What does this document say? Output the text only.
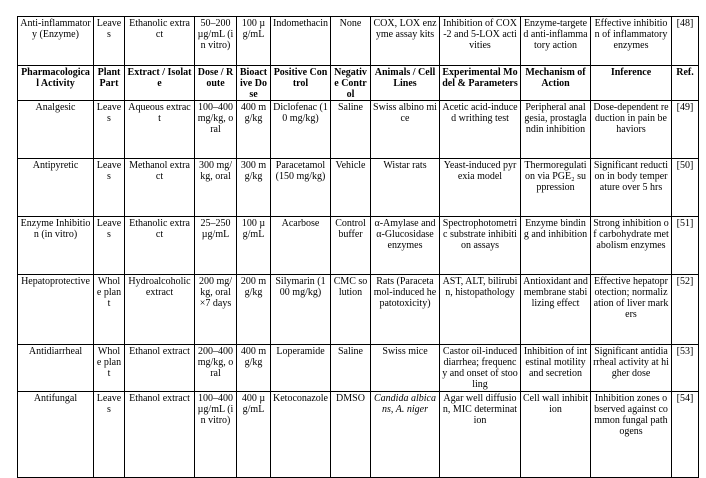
Anti-inflammatory (Enzyme)	Leaves	Ethanolic extract	50–200 µg/mL (in vitro)	100 µg/mL	Indomethacin	None	COX, LOX enzyme assay kits	Inhibition of COX-2 and 5-LOX activities	Enzyme-targeted anti-inflammatory action	Effective inhibition of inflammatory enzymes	[48]
Pharmacological Activity	Plant Part	Extract / Isolate	Dose / Route	Bioactive Dose	Positive Control	Negative Control	Animals / Cell Lines	Experimental Model & Parameters	Mechanism of Action	Inference	Ref.
Analgesic	Leaves	Aqueous extract	100–400 mg/kg, oral	400 mg/kg	Diclofenac (10 mg/kg)	Saline	Swiss albino mice	Acetic acid-induced writhing test	Peripheral analgesia, prostaglandin inhibition	Dose-dependent reduction in pain behaviors	[49]
Antipyretic	Leaves	Methanol extract	300 mg/kg, oral	300 mg/kg	Paracetamol (150 mg/kg)	Vehicle	Wistar rats	Yeast-induced pyrexia model	Thermoregulation via PGE₂ suppression	Significant reduction in body temperature over 5 hrs	[50]
Enzyme Inhibition (in vitro)	Leaves	Ethanolic extract	25–250 µg/mL	100 µg/mL	Acarbose	Control buffer	α-Amylase and α-Glucosidase enzymes	Spectrophotometric substrate inhibition assays	Enzyme binding and inhibition	Strong inhibition of carbohydrate metabolism enzymes	[51]
Hepatoprotective	Whole plant	Hydroalcoholic extract	200 mg/kg, oral ×7 days	200 mg/kg	Silymarin (100 mg/kg)	CMC solution	Rats (Paracetamol-induced hepatotoxicity)	AST, ALT, bilirubin, histopathology	Antioxidant and membrane stabilizing effect	Effective hepatoprotection; normalization of liver markers	[52]
Antidiarrheal	Whole plant	Ethanol extract	200–400 mg/kg, oral	400 mg/kg	Loperamide	Saline	Swiss mice	Castor oil-induced diarrhea; frequency and onset of stooling	Inhibition of intestinal motility and secretion	Significant antidiarrheal activity at higher dose	[53]
Antifungal	Leaves	Ethanol extract	100–400 µg/mL (in vitro)	400 µg/mL	Ketoconazole	DMSO	Candida albicans, A. niger	Agar well diffusion, MIC determination	Cell wall inhibition	Inhibition zones observed against common fungal pathogens	[54]
